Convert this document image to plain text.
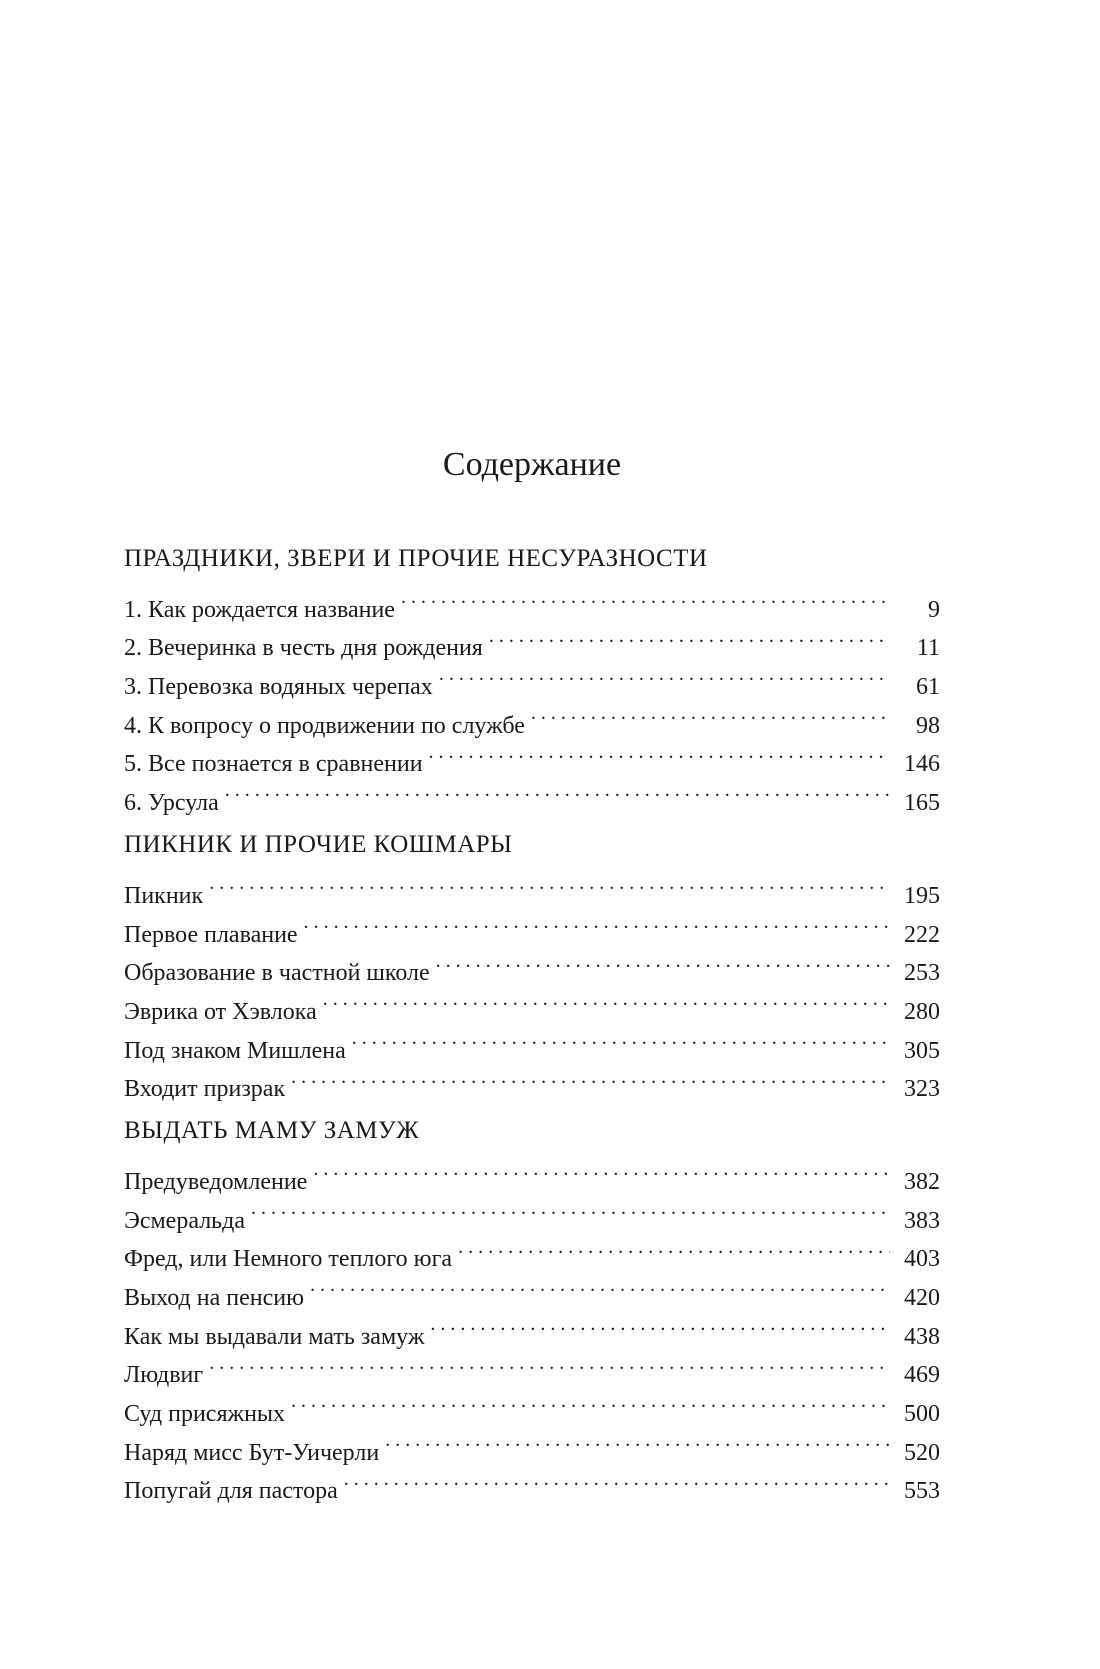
Содержание
ПРАЗДНИКИ, ЗВЕРИ И ПРОЧИЕ НЕСУРАЗНОСТИ
1. Как рождается название . . .	9
2. Вечеринка в честь дня рождения . . .	11
3. Перевозка водяных черепах . . .	61
4. К вопросу о продвижении по службе . . .	98
5. Все познается в сравнении . . .	146
6. Урсула . . .	165
ПИКНИК И ПРОЧИЕ КОШМАРЫ
Пикник . . .	195
Первое плавание . . .	222
Образование в частной школе . . .	253
Эврика от Хэвлока . . .	280
Под знаком Мишлена . . .	305
Входит призрак . . .	323
ВЫДАТЬ МАМУ ЗАМУЖ
Предуведомление . . .	382
Эсмеральда . . .	383
Фред, или Немного теплого юга . . .	403
Выход на пенсию . . .	420
Как мы выдавали мать замуж . . .	438
Людвиг . . .	469
Суд присяжных . . .	500
Наряд мисс Бут-Уичерли . . .	520
Попугай для пастора . . .	553
